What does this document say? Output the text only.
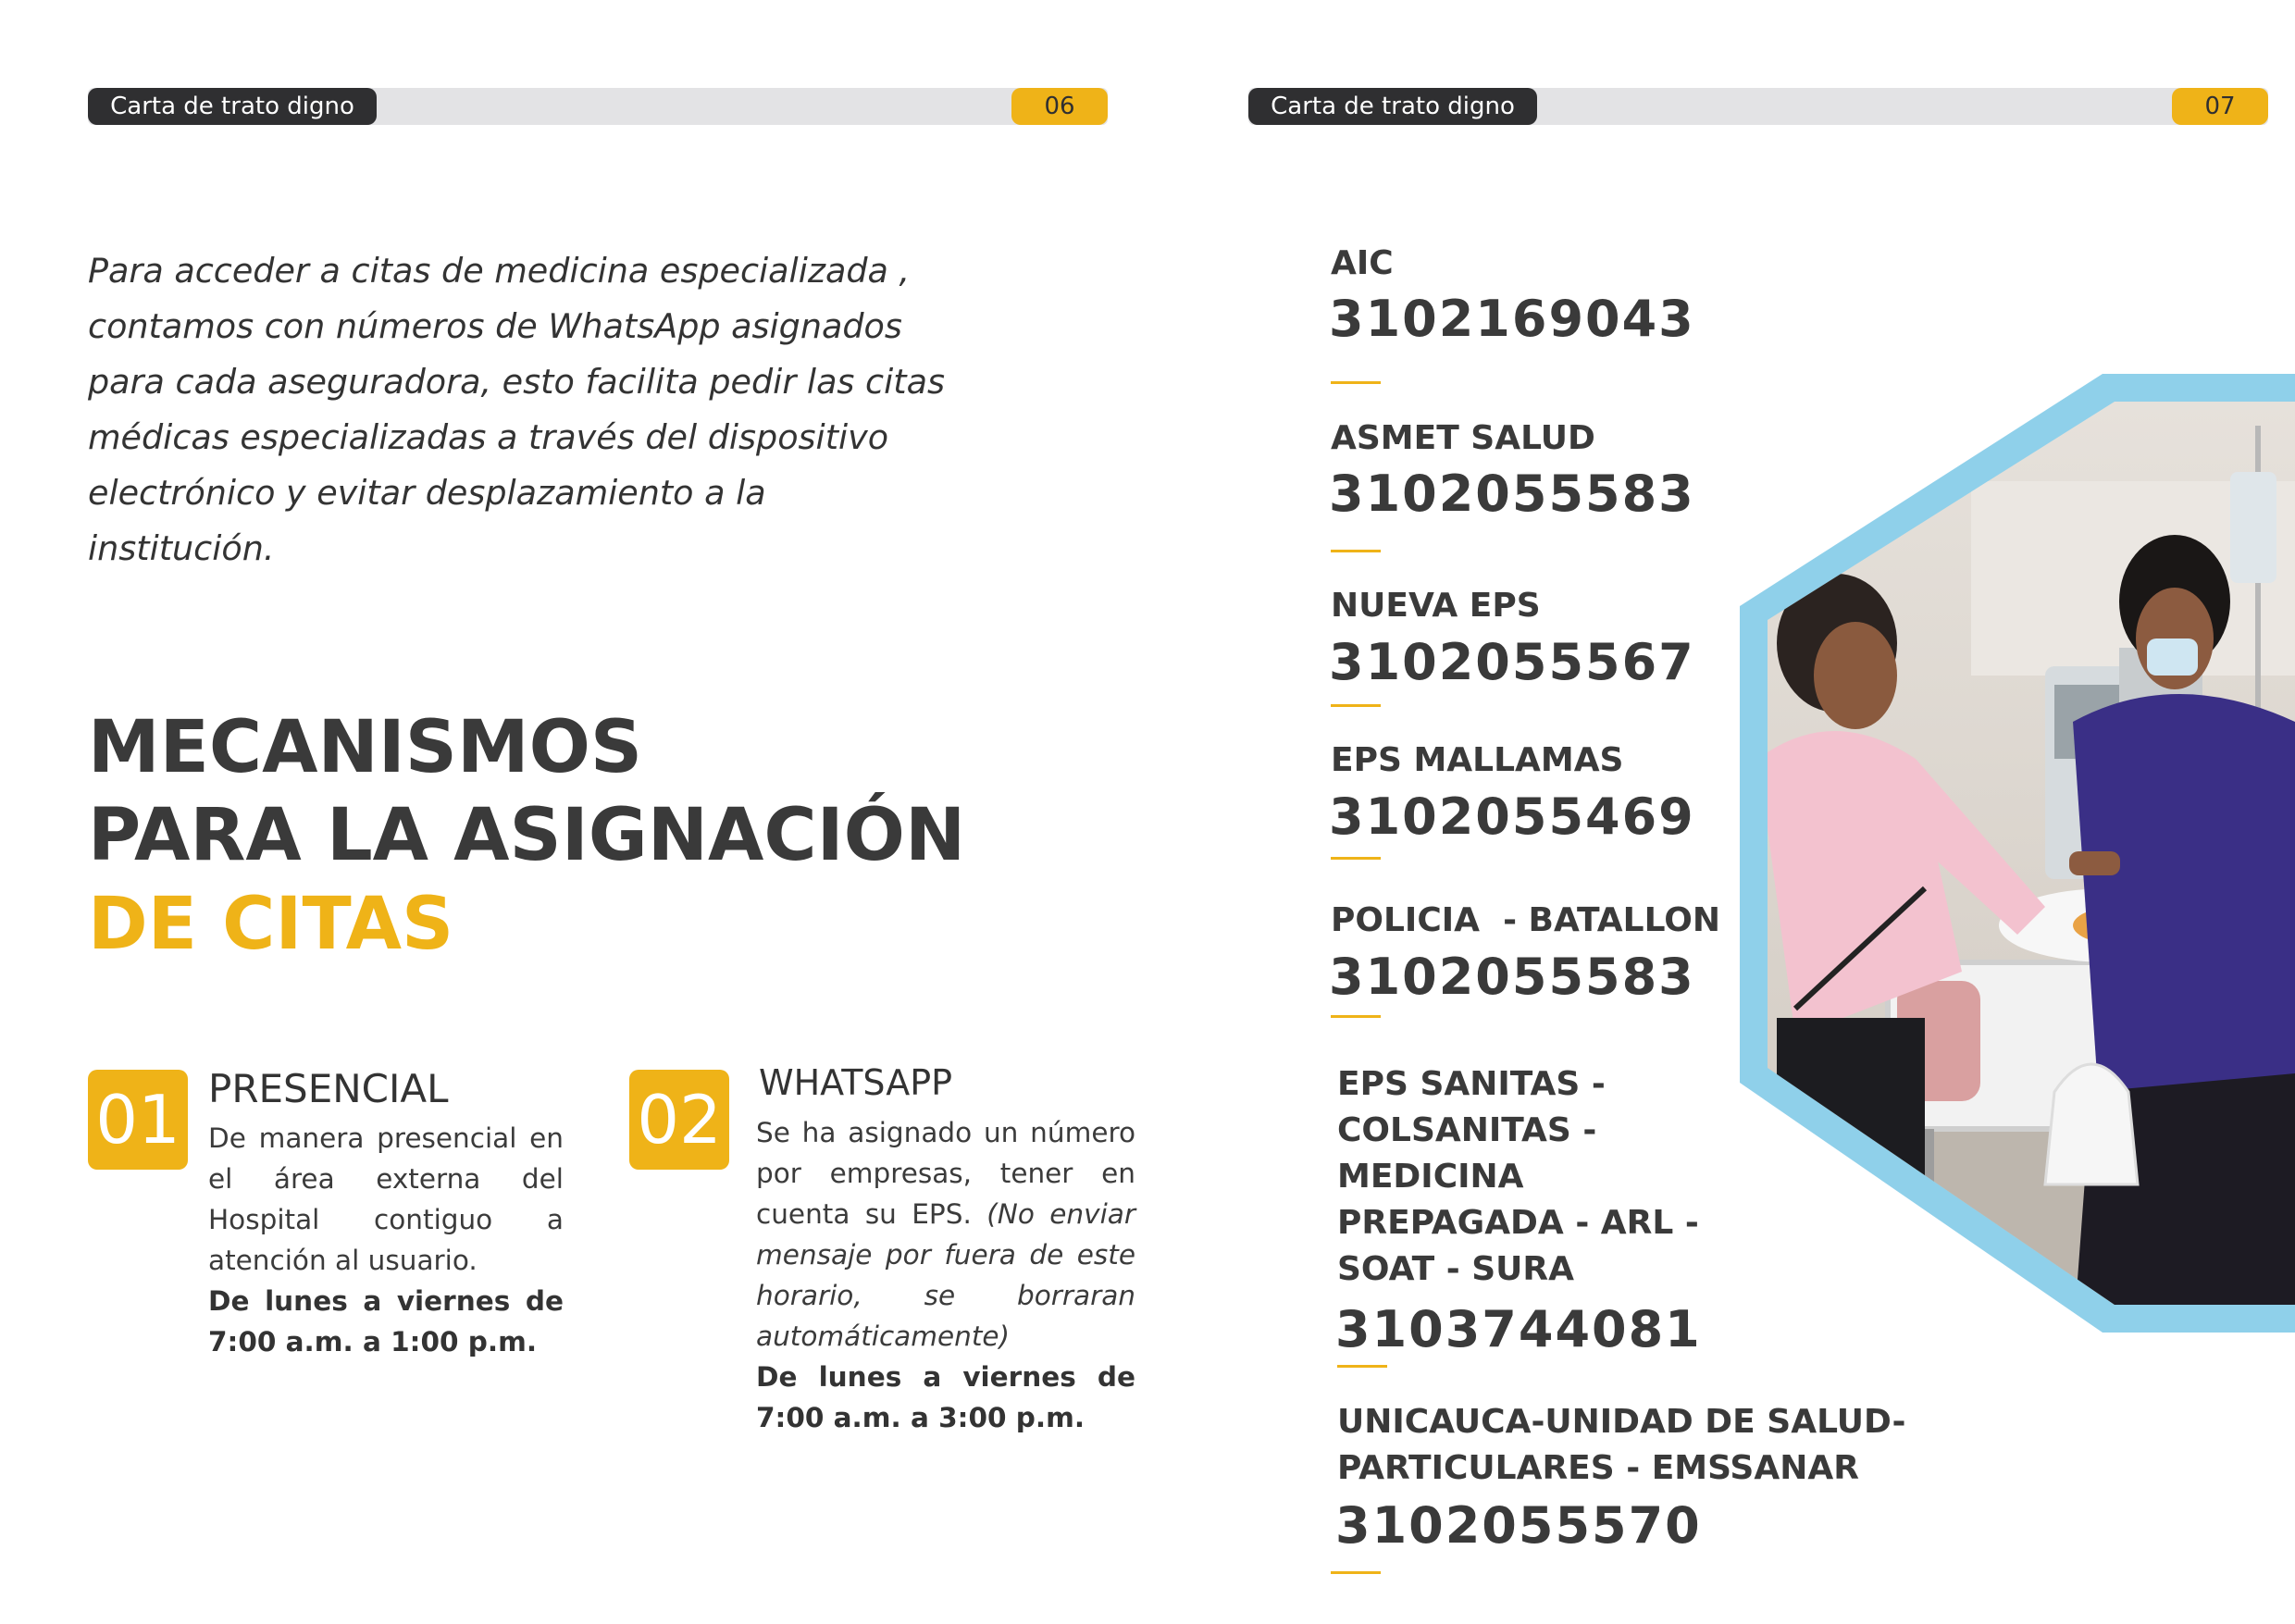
Carta de trato digno	06	Carta de trato digno	07
Para acceder a citas de medicina especializada , contamos con números de WhatsApp asignados para cada aseguradora, esto facilita pedir las citas médicas especializadas a través del dispositivo electrónico y evitar desplazamiento a la institución.
MECANISMOS
PARA LA ASIGNACIÓN
DE CITAS
01 PRESENCIAL
De manera presencial en el área externa del Hospital contiguo a atención al usuario.
De lunes a viernes de 7:00 a.m. a 1:00 p.m.
02 WHATSAPP
Se ha asignado un número por empresas, tener en cuenta su EPS. (No enviar mensaje por fuera de este horario, se borraran automáticamente)
De lunes a viernes de 7:00 a.m. a 3:00 p.m.
AIC
3102169043
ASMET SALUD
3102055583
NUEVA EPS
3102055567
EPS MALLAMAS
3102055469
POLICIA  - BATALLON
3102055583
EPS SANITAS -
COLSANITAS -
MEDICINA
PREPAGADA - ARL -
SOAT - SURA
3103744081
UNICAUCA-UNIDAD DE SALUD-
PARTICULARES - EMSSANAR
3102055570
